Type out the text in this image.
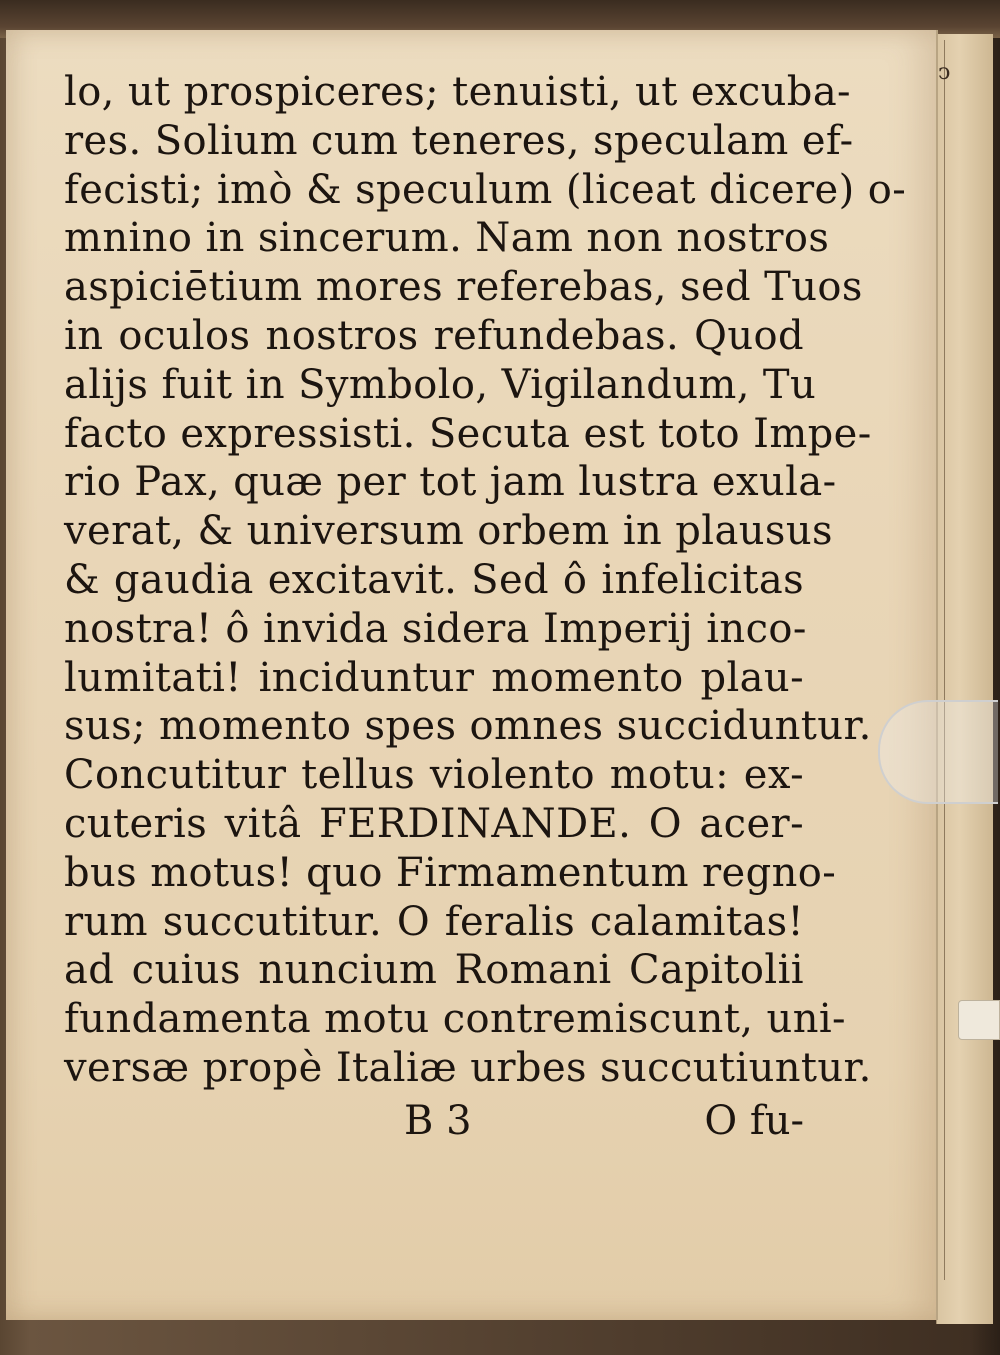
ↄ
lo, ut prospiceres; tenuisti, ut excuba-
res. Solium cum teneres, speculam ef-
fecisti; imò & speculum (liceat dicere) o-
mnino in sincerum. Nam non nostros
aspiciētium mores referebas, sed Tuos
in oculos nostros refundebas. Quod
alijs fuit in Symbolo, Vigilandum, Tu
facto expressisti. Secuta est toto Impe-
rio Pax, quæ per tot jam lustra exula-
verat, & universum orbem in plausus
& gaudia excitavit. Sed ô infelicitas
nostra! ô invida sidera Imperij inco-
lumitati! inciduntur momento plau-
sus; momento spes omnes succiduntur.
Concutitur tellus violento motu: ex-
cuteris vitâ FERDINANDE. O acer-
bus motus! quo Firmamentum regno-
rum succutitur. O feralis calamitas!
ad cuius nuncium Romani Capitolii
fundamenta motu contremiscunt, uni-
versæ propè Italiæ urbes succutiuntur.
B 3	O fu-
